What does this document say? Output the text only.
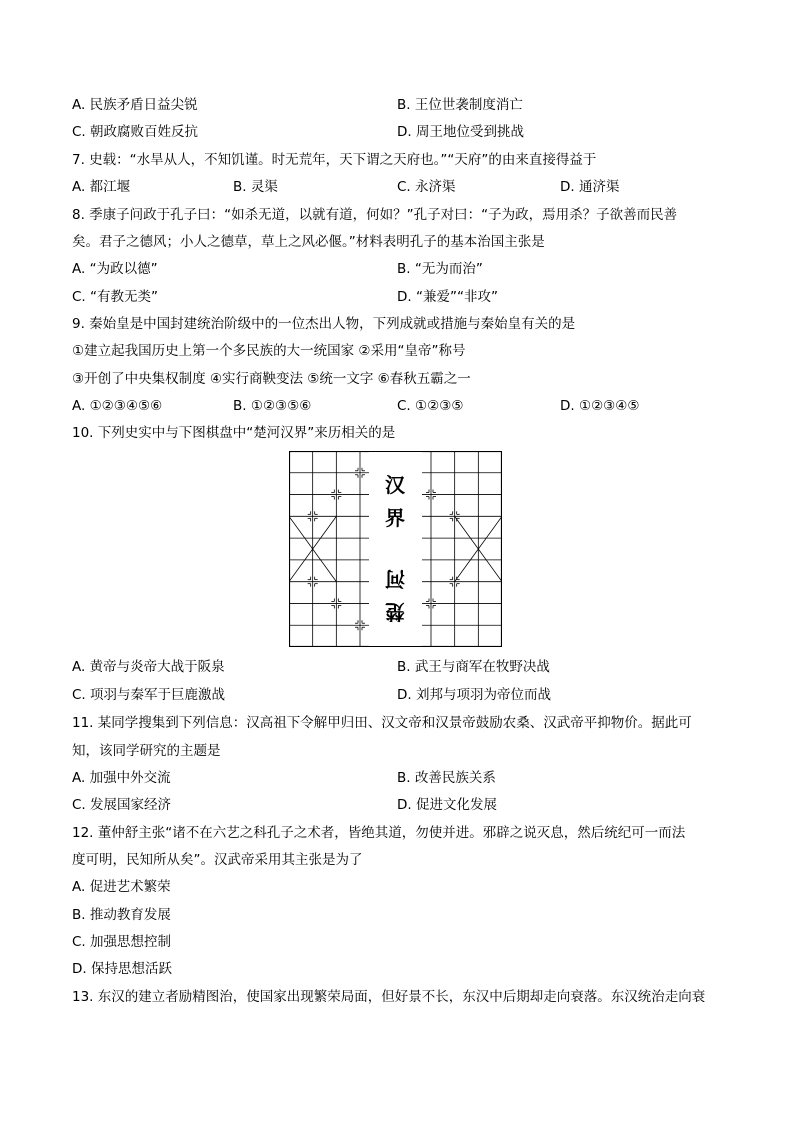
A. 民族矛盾日益尖锐	B. 王位世袭制度消亡
C. 朝政腐败百姓反抗	D. 周王地位受到挑战
7. 史载：“水旱从人，不知饥谨。时无荒年，天下谓之天府也。”“天府”的由来直接得益于
A. 都江堰	B. 灵渠	C. 永济渠	D. 通济渠
8. 季康子问政于孔子曰：“如杀无道，以就有道，何如？”孔子对曰：“子为政，焉用杀？子欲善而民善
矣。君子之德风；小人之德草，草上之风必偃。”材料表明孔子的基本治国主张是
A. “为政以德”	B. “无为而治”
C. “有教无类”	D. “兼爱”“非攻”
9. 秦始皇是中国封建统治阶级中的一位杰出人物，下列成就或措施与秦始皇有关的是
①建立起我国历史上第一个多民族的大一统国家 ②采用“皇帝”称号
③开创了中央集权制度 ④实行商鞅变法 ⑤统一文字 ⑥春秋五霸之一
A. ①②③④⑤⑥	B. ①②③⑤⑥	C. ①②③⑤	D. ①②③④⑤
10. 下列史实中与下图棋盘中“楚河汉界”来历相关的是
汉
界
河
楚
A. 黄帝与炎帝大战于阪泉	B. 武王与商军在牧野决战
C. 项羽与秦军于巨鹿激战	D. 刘邦与项羽为帝位而战
11. 某同学搜集到下列信息：汉高祖下令解甲归田、汉文帝和汉景帝鼓励农桑、汉武帝平抑物价。据此可
知，该同学研究的主题是
A. 加强中外交流	B. 改善民族关系
C. 发展国家经济	D. 促进文化发展
12. 董仲舒主张“诸不在六艺之科孔子之术者，皆绝其道，勿使并进。邪辟之说灭息，然后统纪可一而法
度可明，民知所从矣”。汉武帝采用其主张是为了
A. 促进艺术繁荣
B. 推动教育发展
C. 加强思想控制
D. 保持思想活跃
13. 东汉的建立者励精图治，使国家出现繁荣局面，但好景不长，东汉中后期却走向衰落。东汉统治走向衰
